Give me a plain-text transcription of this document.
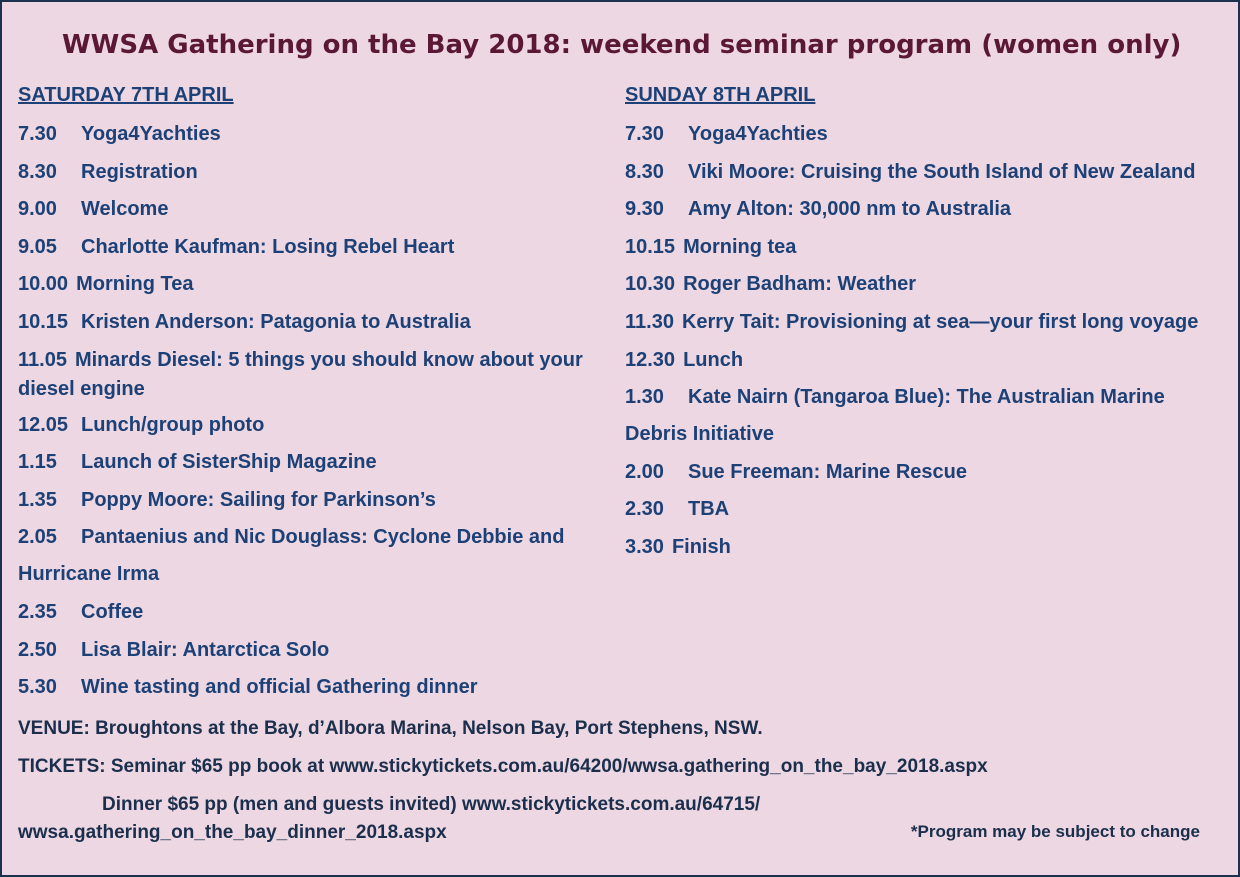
WWSA Gathering on the Bay 2018: weekend seminar program (women only)
SATURDAY 7TH APRIL
7.30 Yoga4Yachties
8.30 Registration
9.00 Welcome
9.05 Charlotte Kaufman: Losing Rebel Heart
10.00 Morning Tea
10.15 Kristen Anderson: Patagonia to Australia
11.05 Minards Diesel: 5 things you should know about your diesel engine
12.05 Lunch/group photo
1.15 Launch of SisterShip Magazine
1.35 Poppy Moore: Sailing for Parkinson’s
2.05 Pantaenius and Nic Douglass: Cyclone Debbie and
Hurricane Irma
2.35 Coffee
2.50 Lisa Blair: Antarctica Solo
5.30 Wine tasting and official Gathering dinner
SUNDAY 8TH APRIL
7.30 Yoga4Yachties
8.30 Viki Moore: Cruising the South Island of New Zealand
9.30 Amy Alton: 30,000 nm to Australia
10.15 Morning tea
10.30 Roger Badham: Weather
11.30 Kerry Tait: Provisioning at sea—your first long voyage
12.30 Lunch
1.30 Kate Nairn (Tangaroa Blue): The Australian Marine
Debris Initiative
2.00 Sue Freeman: Marine Rescue
2.30 TBA
3.30 Finish
VENUE: Broughtons at the Bay, d’Albora Marina, Nelson Bay, Port Stephens, NSW.
TICKETS: Seminar $65 pp book at www.stickytickets.com.au/64200/wwsa.gathering_on_the_bay_2018.aspx
Dinner $65 pp (men and guests invited) www.stickytickets.com.au/64715/
wwsa.gathering_on_the_bay_dinner_2018.aspx	*Program may be subject to change
